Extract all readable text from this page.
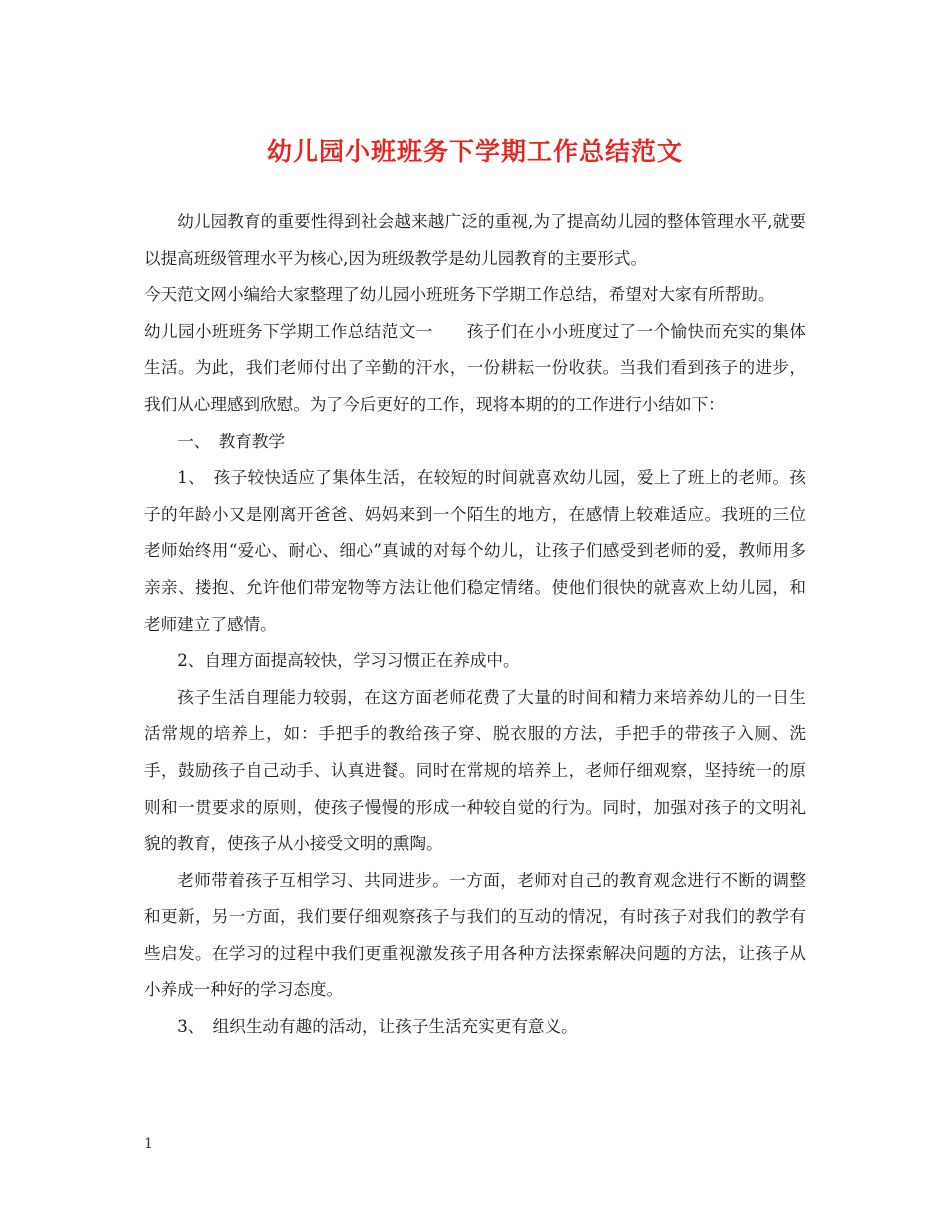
幼儿园小班班务下学期工作总结范文

幼儿园教育的重要性得到社会越来越广泛的重视,为了提高幼儿园的整体管理水平,就要以提高班级管理水平为核心,因为班级教学是幼儿园教育的主要形式。

今天范文网小编给大家整理了幼儿园小班班务下学期工作总结，希望对大家有所帮助。

幼儿园小班班务下学期工作总结范文一　　孩子们在小小班度过了一个愉快而充实的集体生活。为此，我们老师付出了辛勤的汗水，一份耕耘一份收获。当我们看到孩子的进步，我们从心理感到欣慰。为了今后更好的工作，现将本期的的工作进行小结如下：

一、　教育教学

1、　孩子较快适应了集体生活，在较短的时间就喜欢幼儿园，爱上了班上的老师。孩子的年龄小又是刚离开爸爸、妈妈来到一个陌生的地方，在感情上较难适应。我班的三位老师始终用“爱心、耐心、细心”真诚的对每个幼儿，让孩子们感受到老师的爱，教师用多亲亲、搂抱、允许他们带宠物等方法让他们稳定情绪。使他们很快的就喜欢上幼儿园，和老师建立了感情。

2、自理方面提高较快，学习习惯正在养成中。

孩子生活自理能力较弱，在这方面老师花费了大量的时间和精力来培养幼儿的一日生活常规的培养上，如：手把手的教给孩子穿、脱衣服的方法，手把手的带孩子入厕、洗手，鼓励孩子自己动手、认真进餐。同时在常规的培养上，老师仔细观察，坚持统一的原则和一贯要求的原则，使孩子慢慢的形成一种较自觉的行为。同时，加强对孩子的文明礼貌的教育，使孩子从小接受文明的熏陶。

老师带着孩子互相学习、共同进步。一方面，老师对自己的教育观念进行不断的调整和更新，另一方面，我们要仔细观察孩子与我们的互动的情况，有时孩子对我们的教学有些启发。在学习的过程中我们更重视激发孩子用各种方法探索解决问题的方法，让孩子从小养成一种好的学习态度。

3、　组织生动有趣的活动，让孩子生活充实更有意义。

1
